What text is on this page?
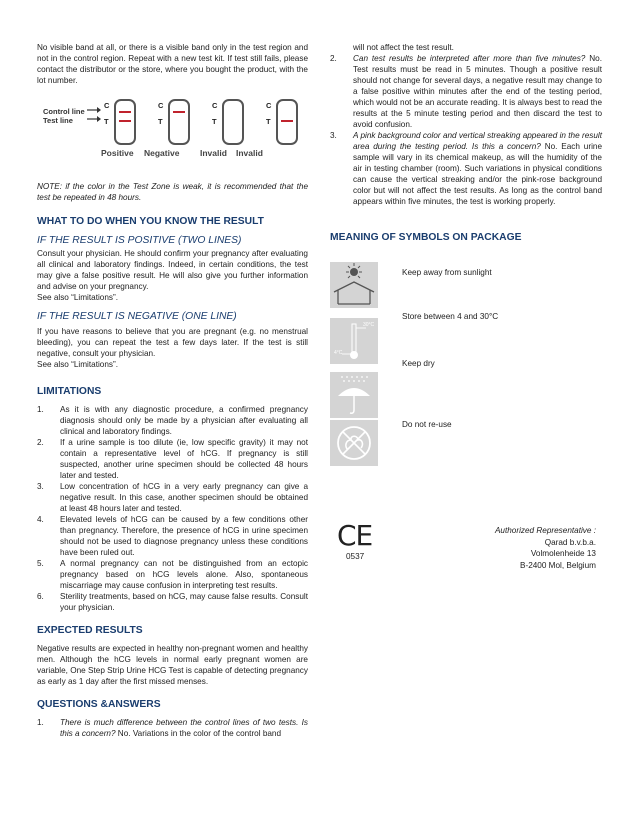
No visible band at all, or there is a visible band only in the test region and not in the control region. Repeat with a new test kit. If test still fails, please contact the distributor or the store, where you bought the product, with the lot number.

Control line
Test line
C
T
C
T
C
T
C
T
Positive Negative Invalid Invalid

NOTE: if the color in the Test Zone is weak, it is recommended that the test be repeated in 48 hours.

WHAT TO DO WHEN YOU KNOW THE RESULT

IF THE RESULT IS POSITIVE (TWO LINES)

Consult your physician. He should confirm your pregnancy after evaluating all clinical and laboratory findings. Indeed, in certain conditions, the test may give a false positive result. He will also give you further information and advise on your pregnancy.

See also “Limitations”.

IF THE RESULT IS NEGATIVE (ONE LINE)

If you have reasons to believe that you are pregnant (e.g. no menstrual bleeding), you can repeat the test a few days later. If the test is still negative, consult your physician.

See also “Limitations”.

LIMITATIONS

1. As it is with any diagnostic procedure, a confirmed pregnancy diagnosis should only be made by a physician after evaluating all clinical and laboratory findings.
2. If a urine sample is too dilute (ie, low specific gravity) it may not contain a representative level of hCG. If pregnancy is still suspected, another urine specimen should be collected 48 hours later and tested.
3. Low concentration of hCG in a very early pregnancy can give a negative result. In this case, another specimen should be obtained at least 48 hours later and tested.
4. Elevated levels of hCG can be caused by a few conditions other than pregnancy. Therefore, the presence of hCG in urine specimen should not be used to diagnose pregnancy unless these conditions have been ruled out.
5. A normal pregnancy can not be distinguished from an ectopic pregnancy based on hCG levels alone. Also, spontaneous miscarriage may cause confusion in interpreting test results.
6. Sterility treatments, based on hCG, may cause false results. Consult your physician.

EXPECTED RESULTS

Negative results are expected in healthy non-pregnant women and healthy men. Although the hCG levels in normal early pregnant women are variable, One Step Strip Urine HCG Test is capable of detecting pregnancy as early as 1 day after the first missed menses.

QUESTIONS &ANSWERS

1. There is much difference between the control lines of two tests. Is this a concern? No. Variations in the color of the control band
will not affect the test result.
2. Can test results be interpreted after more than five minutes? No. Test results must be read in 5 minutes. Though a positive result should not change for several days, a negative result may change to a false positive within minutes after the end of the testing period, which would not be an accurate reading. It is always best to read the results at the 5 minute testing period and then discard the test to avoid confusion.
3. A pink background color and vertical streaking appeared in the result area during the testing period. Is this a concern? No. Each urine sample will vary in its chemical makeup, as will the humidity of the air in testing chamber (room). Such variations in physical conditions can cause the vertical streaking and/or the pink-rose background color but will not affect the test results. As long as the control band appears within five minutes, the test is working properly.

MEANING OF SYMBOLS ON PACKAGE

Keep away from sunlight
30°C
4°C
Store between 4 and 30°C
Keep dry
Do not re-use
CE
0537
Authorized Representative :
Qarad b.v.b.a.
Volmolenheide 13
B-2400 Mol, Belgium
